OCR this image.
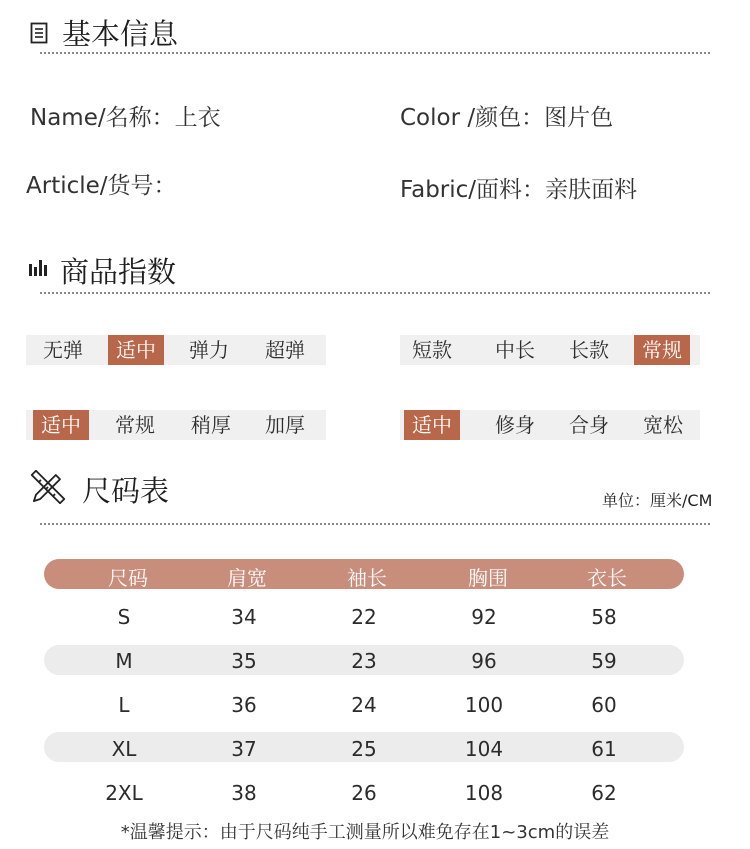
基本信息
Name/名称：上衣	Color /颜色：图片色
Article/货号：	Fabric/面料：亲肤面料
商品指数
无弹	适中	弹力	超弹	短款	中长	长款	常规
适中	常规	稍厚	加厚	适中	修身	合身	宽松
尺码表	单位：厘米/CM
尺码	肩宽	袖长	胸围	衣长
S	34	22	92	58
M	35	23	96	59
L	36	24	100	60
XL	37	25	104	61
2XL	38	26	108	62
*温馨提示：由于尺码纯手工测量所以难免存在1~3cm的误差
